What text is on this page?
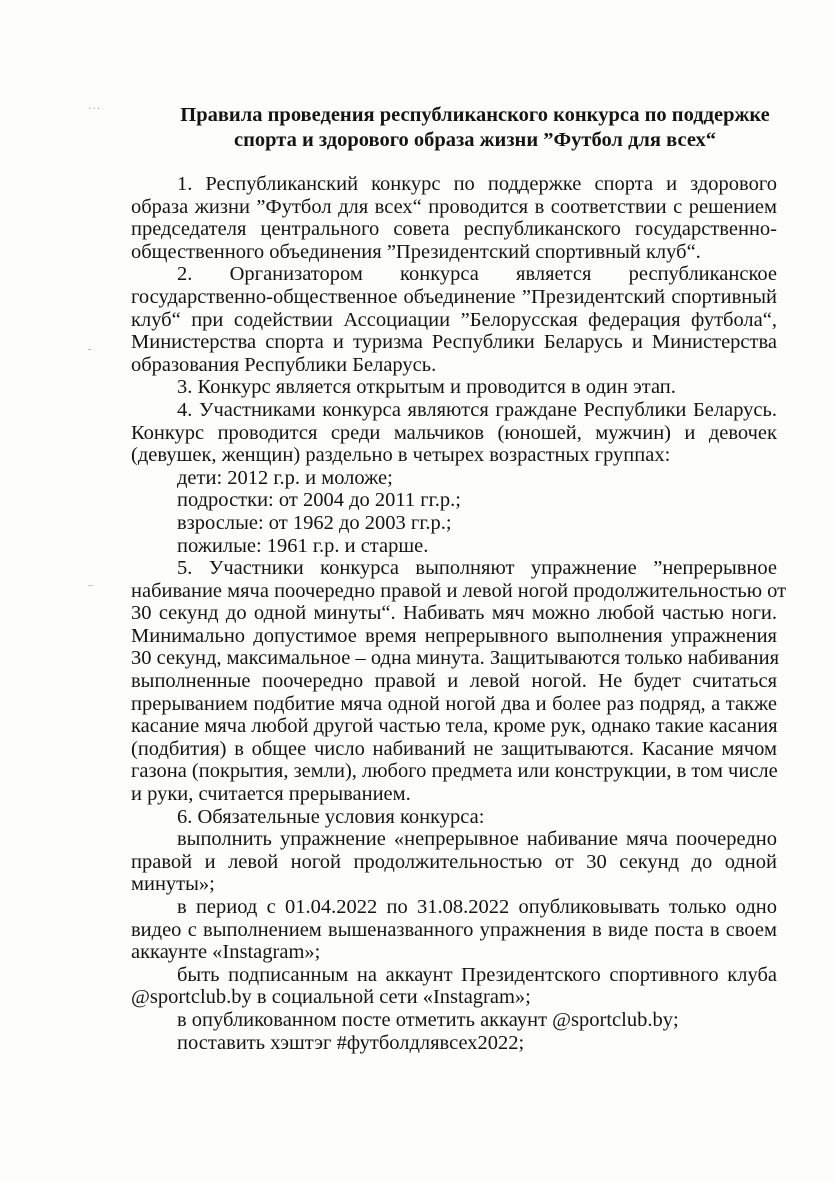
···
-
–
Правила проведения республиканского конкурса по поддержке
спорта и здорового образа жизни ”Футбол для всех“
1. Республиканский конкурс по поддержке спорта и здорового
образа жизни ”Футбол для всех“ проводится в соответствии с решением
председателя центрального совета республиканского государственно-
общественного объединения ”Президентский спортивный клуб“.
2. Организатором конкурса является республиканское
государственно-общественное объединение ”Президентский спортивный
клуб“ при содействии Ассоциации ”Белорусская федерация футбола“,
Министерства спорта и туризма Республики Беларусь и Министерства
образования Республики Беларусь.
3. Конкурс является открытым и проводится в один этап.
4. Участниками конкурса являются граждане Республики Беларусь.
Конкурс проводится среди мальчиков (юношей, мужчин) и девочек
(девушек, женщин) раздельно в четырех возрастных группах:
дети: 2012 г.р. и моложе;
подростки: от 2004 до 2011 гг.р.;
взрослые: от 1962 до 2003 гг.р.;
пожилые: 1961 г.р. и старше.
5. Участники конкурса выполняют упражнение ”непрерывное
набивание мяча поочередно правой и левой ногой продолжительностью от
30 секунд до одной минуты“. Набивать мяч можно любой частью ноги.
Минимально допустимое время непрерывного выполнения упражнения
30 секунд, максимальное – одна минута. Защитываются только набивания
выполненные поочередно правой и левой ногой. Не будет считаться
прерыванием подбитие мяча одной ногой два и более раз подряд, а также
касание мяча любой другой частью тела, кроме рук, однако такие касания
(подбития) в общее число набиваний не защитываются. Касание мячом
газона (покрытия, земли), любого предмета или конструкции, в том числе
и руки, считается прерыванием.
6. Обязательные условия конкурса:
выполнить упражнение «непрерывное набивание мяча поочередно
правой и левой ногой продолжительностью от 30 секунд до одной
минуты»;
в период с 01.04.2022 по 31.08.2022 опубликовывать только одно
видео с выполнением вышеназванного упражнения в виде поста в своем
аккаунте «Instagram»;
быть подписанным на аккаунт Президентского спортивного клуба
@sportclub.by в социальной сети «Instagram»;
в опубликованном посте отметить аккаунт @sportclub.by;
поставить хэштэг #футболдлявсех2022;
